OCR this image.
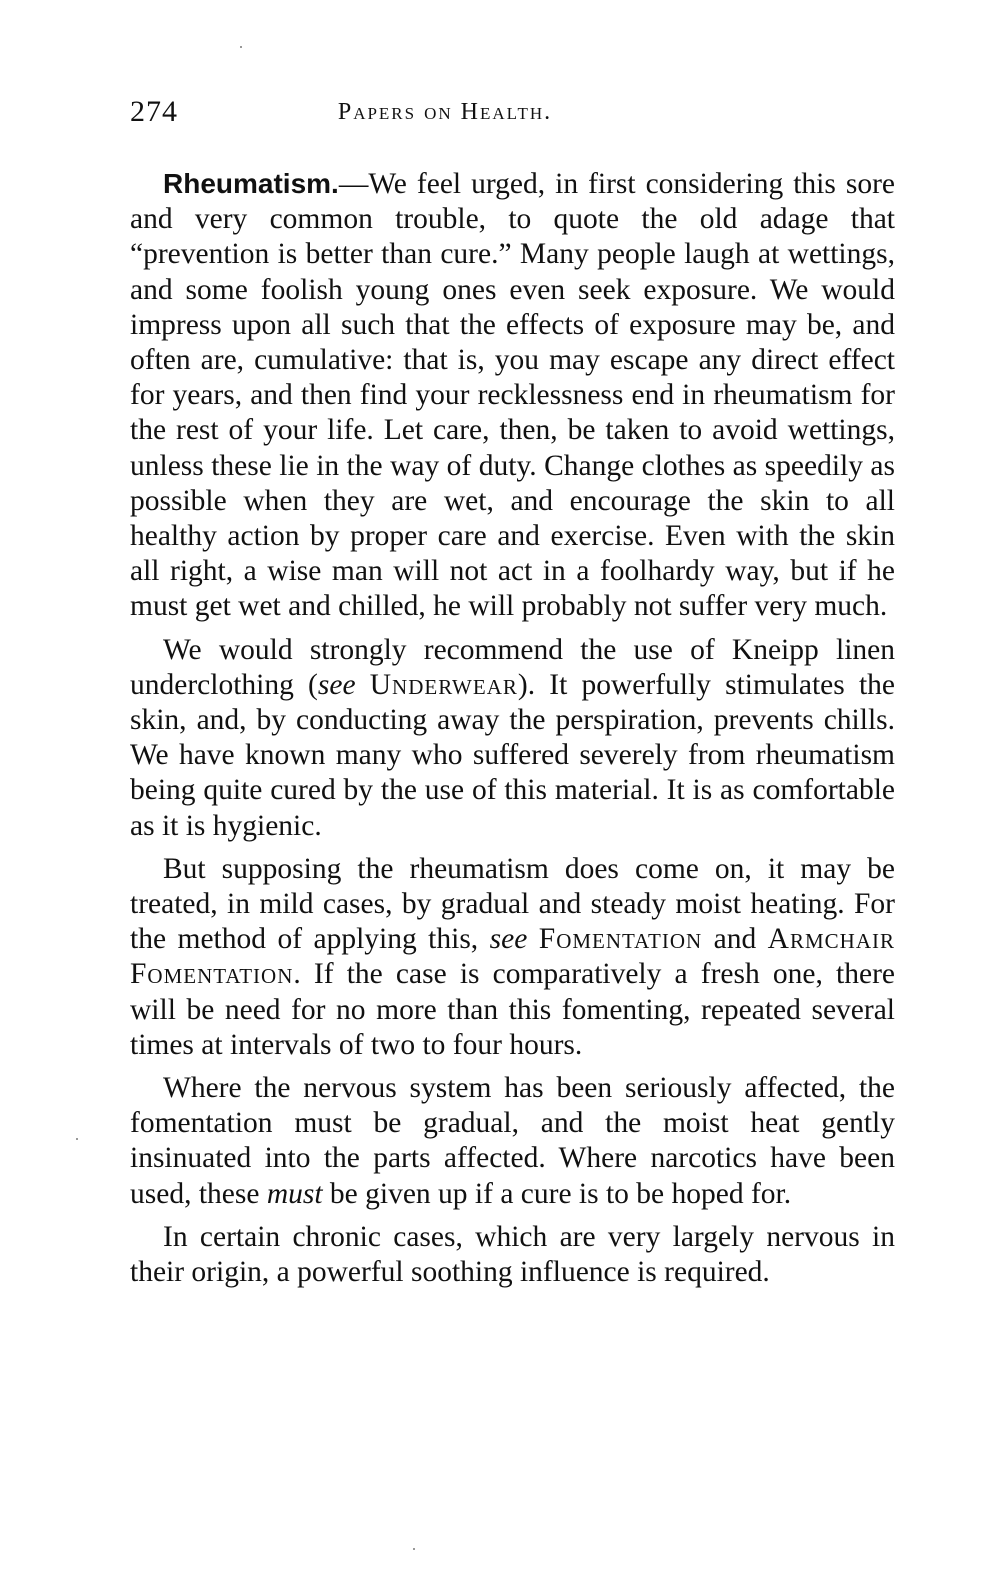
274	Papers on Health.

Rheumatism.—We feel urged, in first considering this sore and very common trouble, to quote the old adage that “prevention is better than cure.” Many people laugh at wettings, and some foolish young ones even seek exposure. We would impress upon all such that the effects of exposure may be, and often are, cumulative: that is, you may escape any direct effect for years, and then find your recklessness end in rheumatism for the rest of your life. Let care, then, be taken to avoid wettings, unless these lie in the way of duty. Change clothes as speedily as possible when they are wet, and encourage the skin to all healthy action by proper care and exercise. Even with the skin all right, a wise man will not act in a foolhardy way, but if he must get wet and chilled, he will probably not suffer very much.

We would strongly recommend the use of Kneipp linen underclothing (see Underwear). It powerfully stimulates the skin, and, by conducting away the perspiration, prevents chills. We have known many who suffered severely from rheumatism being quite cured by the use of this material. It is as comfortable as it is hygienic.

But supposing the rheumatism does come on, it may be treated, in mild cases, by gradual and steady moist heating. For the method of applying this, see Fomentation and Armchair Fomentation. If the case is comparatively a fresh one, there will be need for no more than this fomenting, repeated several times at intervals of two to four hours.

Where the nervous system has been seriously affected, the fomentation must be gradual, and the moist heat gently insinuated into the parts affected. Where narcotics have been used, these must be given up if a cure is to be hoped for.

In certain chronic cases, which are very largely nervous in their origin, a powerful soothing influence is required.
